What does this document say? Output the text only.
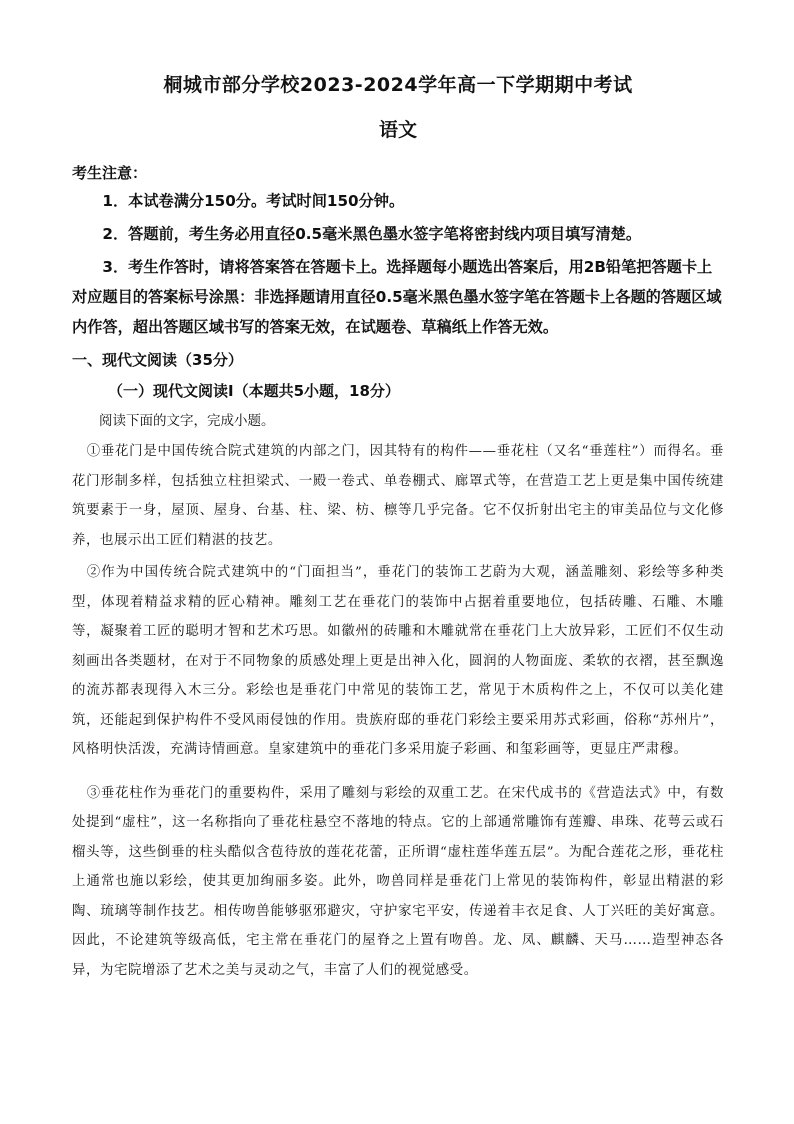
桐城市部分学校2023-2024学年高一下学期期中考试
语文
考生注意：
1．本试卷满分150分。考试时间150分钟。
2．答题前，考生务必用直径0.5毫米黑色墨水签字笔将密封线内项目填写清楚。
3．考生作答时，请将答案答在答题卡上。选择题每小题选出答案后，用2B铅笔把答题卡上对应题目的答案标号涂黑：非选择题请用直径0.5毫米黑色墨水签字笔在答题卡上各题的答题区域内作答，超出答题区域书写的答案无效，在试题卷、草稿纸上作答无效。
一、现代文阅读（35分）
（一）现代文阅读Ⅰ（本题共5小题，18分）
阅读下面的文字，完成小题。
①垂花门是中国传统合院式建筑的内部之门，因其特有的构件——垂花柱（又名“垂莲柱”）而得名。垂花门形制多样，包括独立柱担梁式、一殿一卷式、单卷棚式、廊罩式等，在营造工艺上更是集中国传统建筑要素于一身，屋顶、屋身、台基、柱、梁、枋、檩等几乎完备。它不仅折射出宅主的审美品位与文化修养，也展示出工匠们精湛的技艺。
②作为中国传统合院式建筑中的“门面担当”，垂花门的装饰工艺蔚为大观，涵盖雕刻、彩绘等多种类型，体现着精益求精的匠心精神。雕刻工艺在垂花门的装饰中占据着重要地位，包括砖雕、石雕、木雕等，凝聚着工匠的聪明才智和艺术巧思。如徽州的砖雕和木雕就常在垂花门上大放异彩，工匠们不仅生动刻画出各类题材，在对于不同物象的质感处理上更是出神入化，圆润的人物面庞、柔软的衣褶，甚至飘逸的流苏都表现得入木三分。彩绘也是垂花门中常见的装饰工艺，常见于木质构件之上，不仅可以美化建筑，还能起到保护构件不受风雨侵蚀的作用。贵族府邸的垂花门彩绘主要采用苏式彩画，俗称“苏州片”，风格明快活泼，充满诗情画意。皇家建筑中的垂花门多采用旋子彩画、和玺彩画等，更显庄严肃穆。
③垂花柱作为垂花门的重要构件，采用了雕刻与彩绘的双重工艺。在宋代成书的《营造法式》中，有数处提到“虚柱”，这一名称指向了垂花柱悬空不落地的特点。它的上部通常雕饰有莲瓣、串珠、花萼云或石榴头等，这些倒垂的柱头酷似含苞待放的莲花花蕾，正所谓“虚柱莲华莲五层”。为配合莲花之形，垂花柱上通常也施以彩绘，使其更加绚丽多姿。此外，吻兽同样是垂花门上常见的装饰构件，彰显出精湛的彩陶、琉璃等制作技艺。相传吻兽能够驱邪避灾，守护家宅平安，传递着丰衣足食、人丁兴旺的美好寓意。因此，不论建筑等级高低，宅主常在垂花门的屋脊之上置有吻兽。龙、凤、麒麟、天马……造型神态各异，为宅院增添了艺术之美与灵动之气，丰富了人们的视觉感受。
